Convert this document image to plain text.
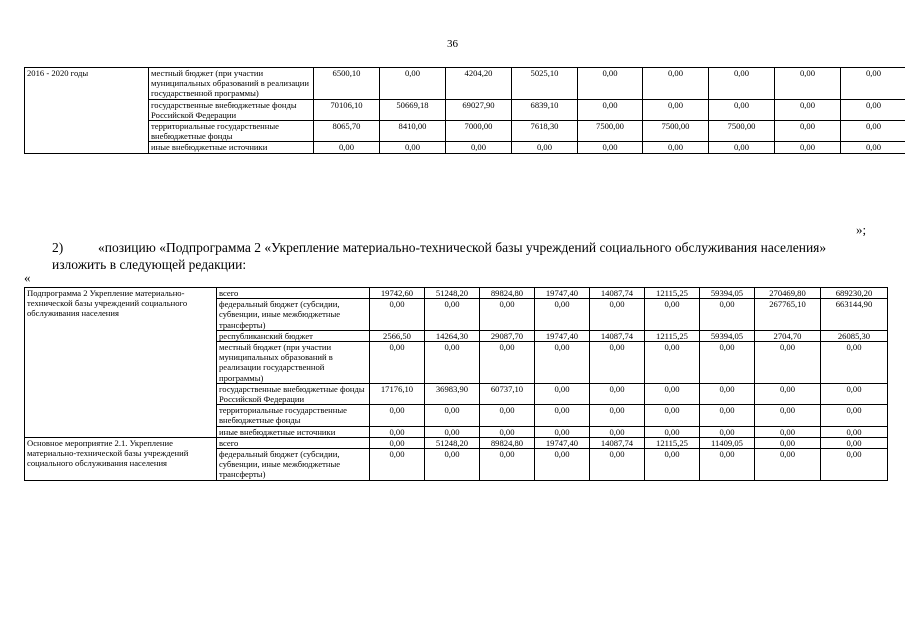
36
2016 - 2020 годы	местный бюджет (при участии муниципальных образований в реализации государственной программы)	6500,10	0,00	4204,20	5025,10	0,00	0,00	0,00	0,00	0,00
	государственные внебюджетные фонды Российской Федерации	70106,10	50669,18	69027,90	6839,10	0,00	0,00	0,00	0,00	0,00
	территориальные государственные внебюджетные фонды	8065,70	8410,00	7000,00	7618,30	7500,00	7500,00	7500,00	0,00	0,00
	иные внебюджетные источники	0,00	0,00	0,00	0,00	0,00	0,00	0,00	0,00	0,00
»;
2)	«позицию «Подпрограмма 2 «Укрепление материально-технической базы учреждений социального обслуживания населения» изложить в следующей редакции:
«
Подпрограмма 2 Укрепление материально-технической базы учреждений социального обслуживания населения	всего	19742,60	51248,20	89824,80	19747,40	14087,74	12115,25	59394,05	270469,80	689230,20
	федеральный бюджет (субсидии, субвенции, иные межбюджетные трансферты)	0,00	0,00	0,00	0,00	0,00	0,00	0,00	267765,10	663144,90
	республиканский бюджет	2566,50	14264,30	29087,70	19747,40	14087,74	12115,25	59394,05	2704,70	26085,30
	местный бюджет (при участии муниципальных образований в реализации государственной программы)	0,00	0,00	0,00	0,00	0,00	0,00	0,00	0,00	0,00
	государственные внебюджетные фонды Российской Федерации	17176,10	36983,90	60737,10	0,00	0,00	0,00	0,00	0,00	0,00
	территориальные государственные внебюджетные фонды	0,00	0,00	0,00	0,00	0,00	0,00	0,00	0,00	0,00
	иные внебюджетные источники	0,00	0,00	0,00	0,00	0,00	0,00	0,00	0,00	0,00
Основное мероприятие 2.1. Укрепление материально-технической базы учреждений социального обслуживания населения	всего	0,00	51248,20	89824,80	19747,40	14087,74	12115,25	11409,05	0,00	0,00
	федеральный бюджет (субсидии, субвенции, иные межбюджетные трансферты)	0,00	0,00	0,00	0,00	0,00	0,00	0,00	0,00	0,00
